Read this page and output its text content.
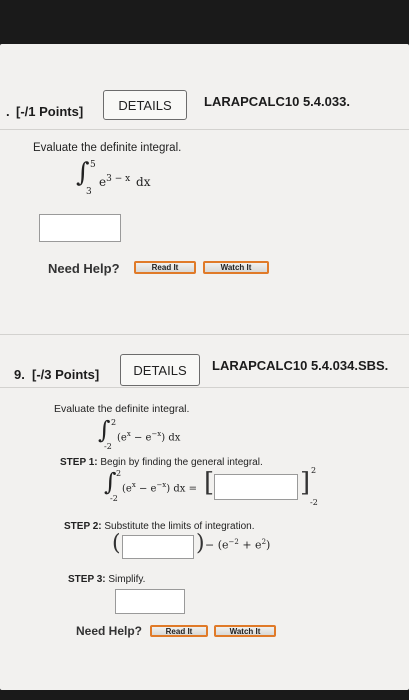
. [-/1 Points]	DETAILS	LARAPCALC10 5.4.033.
Evaluate the definite integral.
∫ 5
3
$e^{3 - x}$ dx
Need Help?	Read It	Watch It
9. [-/3 Points]	DETAILS	LARAPCALC10 5.4.034.SBS.
Evaluate the definite integral.
∫ 2
-2
$(e^x - e^{-x})$ dx
STEP 1: Begin by finding the general integral.
∫ 2
-2
$(e^x - e^{-x})$ dx = [	] 2
-2
STEP 2: Substitute the limits of integration.
(	) − $(e^{-2} + e^2)$
STEP 3: Simplify.
Need Help?	Read It	Watch It
